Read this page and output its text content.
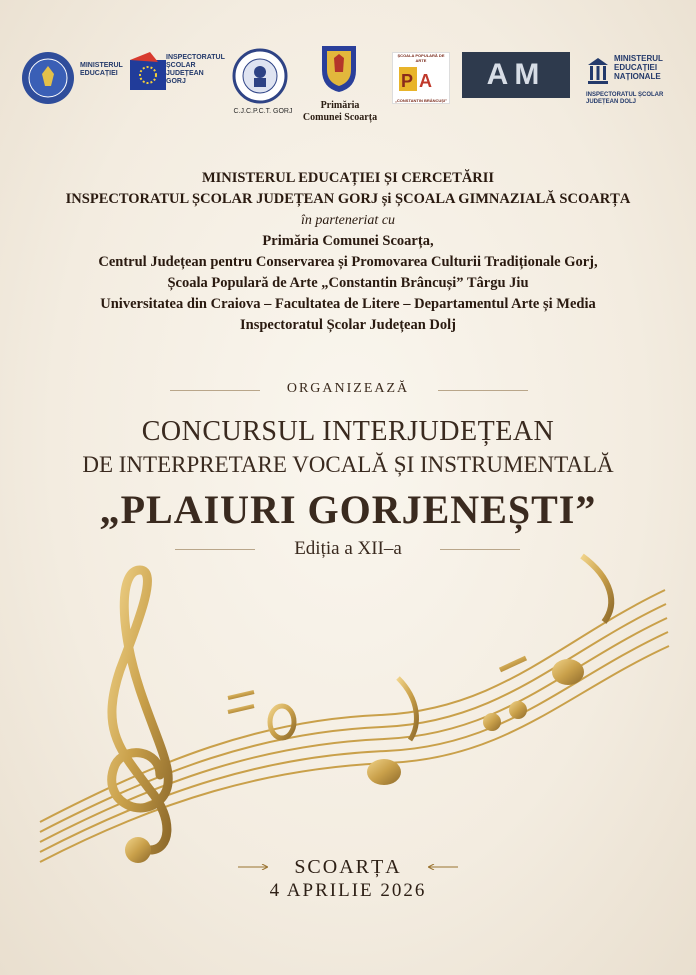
MINISTERUL EDUCAȚIEI
INSPECTORATUL
ȘCOLAR
JUDEȚEAN
GORJ
C.J.C.P.C.T. GORJ
Primăria
Comunei Scoarța
ȘCOALA POPULARĂ DE ARTE
P A
„CONSTANTIN BRÂNCUȘI”
AM	MINISTERUL
EDUCAȚIEI
NAȚIONALE
INSPECTORATUL ȘCOLAR
JUDEȚEAN DOLJ
MINISTERUL EDUCAȚIEI ȘI CERCETĂRII
INSPECTORATUL ȘCOLAR JUDEȚEAN GORJ și ȘCOALA GIMNAZIALĂ SCOARȚA
în parteneriat cu
Primăria Comunei Scoarța,
Centrul Județean pentru Conservarea și Promovarea Culturii Tradiționale Gorj,
Școala Populară de Arte „Constantin Brâncuși” Târgu Jiu
Universitatea din Craiova – Facultatea de Litere – Departamentul Arte și Media
Inspectoratul Școlar Județean Dolj
ORGANIZEAZĂ
CONCURSUL INTERJUDEȚEAN
DE INTERPRETARE VOCALĂ ȘI INSTRUMENTALĂ
„PLAIURI GORJENEȘTI”
Ediția a XII–a
SCOARȚA
4 APRILIE 2026
